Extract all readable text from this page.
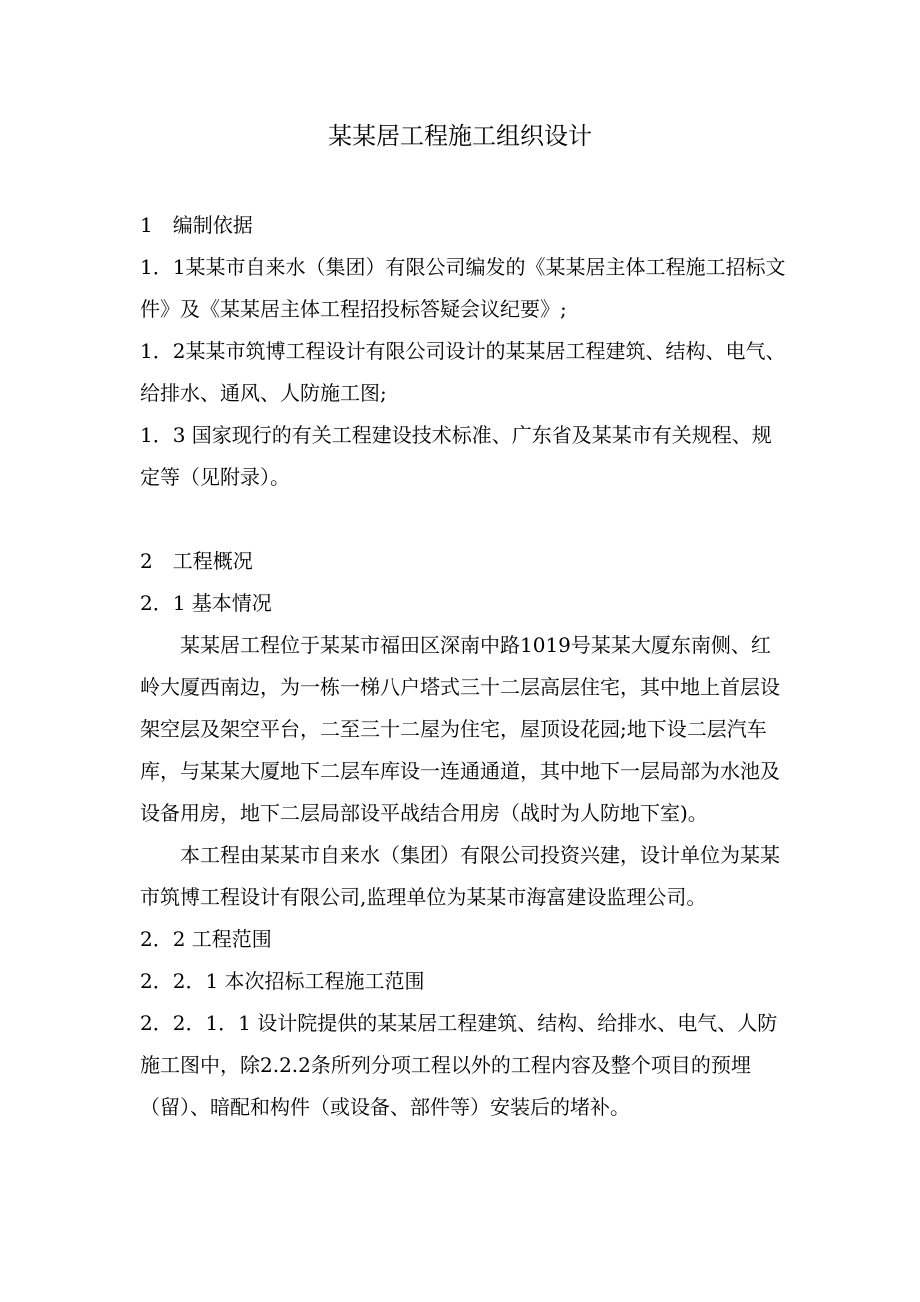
某某居工程施工组织设计

1　编制依据

1．1某某市自来水（集团）有限公司编发的《某某居主体工程施工招标文件》及《某某居主体工程招投标答疑会议纪要》;

1．2某某市筑博工程设计有限公司设计的某某居工程建筑、结构、电气、给排水、通风、人防施工图;

1．3 国家现行的有关工程建设技术标准、广东省及某某市有关规程、规定等（见附录）。

2　工程概况

2．1 基本情况

某某居工程位于某某市福田区深南中路1019号某某大厦东南侧、红岭大厦西南边，为一栋一梯八户塔式三十二层高层住宅，其中地上首层设架空层及架空平台，二至三十二屋为住宅，屋顶设花园;地下设二层汽车库，与某某大厦地下二层车库设一连通通道，其中地下一层局部为水池及设备用房，地下二层局部设平战结合用房（战时为人防地下室)。

本工程由某某市自来水（集团）有限公司投资兴建，设计单位为某某市筑博工程设计有限公司,监理单位为某某市海富建设监理公司。

2．2 工程范围

2．2．1 本次招标工程施工范围

2．2．1．1 设计院提供的某某居工程建筑、结构、给排水、电气、人防施工图中，除2.2.2条所列分项工程以外的工程内容及整个项目的预埋（留）、暗配和构件（或设备、部件等）安装后的堵补。
